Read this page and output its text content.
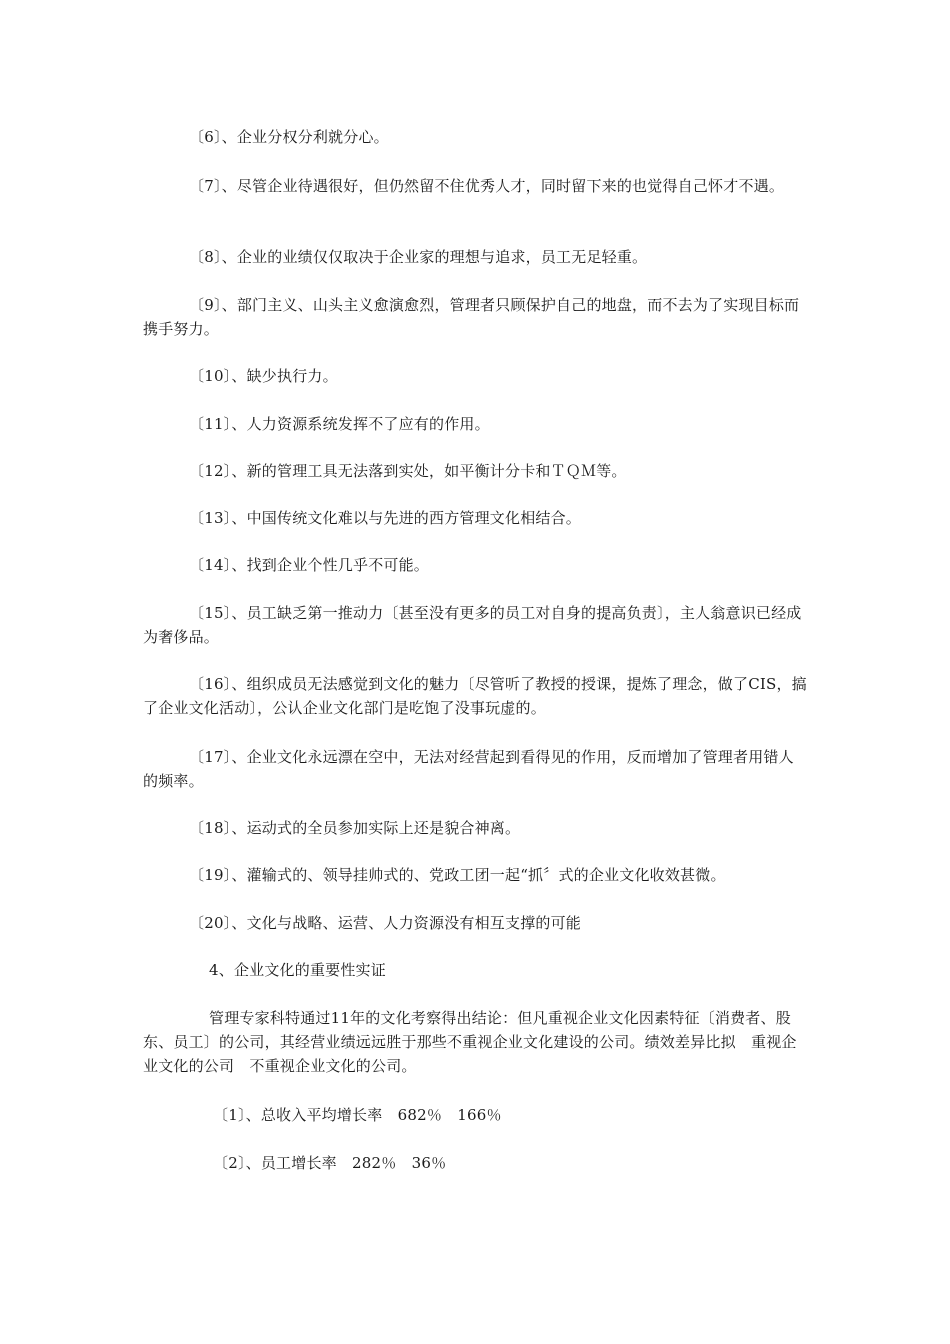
〔6〕、企业分权分利就分心。

〔7〕、尽管企业待遇很好，但仍然留不住优秀人才，同时留下来的也觉得自己怀才不遇。

〔8〕、企业的业绩仅仅取决于企业家的理想与追求，员工无足轻重。

〔9〕、部门主义、山头主义愈演愈烈，管理者只顾保护自己的地盘，而不去为了实现目标而携手努力。

〔10〕、缺少执行力。

〔11〕、人力资源系统发挥不了应有的作用。

〔12〕、新的管理工具无法落到实处，如平衡计分卡和ＴＱＭ等。

〔13〕、中国传统文化难以与先进的西方管理文化相结合。

〔14〕、找到企业个性几乎不可能。

〔15〕、员工缺乏第一推动力〔甚至没有更多的员工对自身的提高负责〕，主人翁意识已经成为奢侈品。

〔16〕、组织成员无法感觉到文化的魅力〔尽管听了教授的授课，提炼了理念，做了CIS，搞了企业文化活动〕，公认企业文化部门是吃饱了没事玩虚的。

〔17〕、企业文化永远漂在空中，无法对经营起到看得见的作用，反而增加了管理者用错人的频率。

〔18〕、运动式的全员参加实际上还是貌合神离。

〔19〕、灌输式的、领导挂帅式的、党政工团一起“抓〞式的企业文化收效甚微。

〔20〕、文化与战略、运营、人力资源没有相互支撑的可能

4、企业文化的重要性实证

管理专家科特通过11年的文化考察得出结论：但凡重视企业文化因素特征〔消费者、股东、员工〕的公司，其经营业绩远远胜于那些不重视企业文化建设的公司。绩效差异比拟　重视企业文化的公司　不重视企业文化的公司。

〔1〕、总收入平均增长率　682％　166％

〔2〕、员工增长率　282％　36％
